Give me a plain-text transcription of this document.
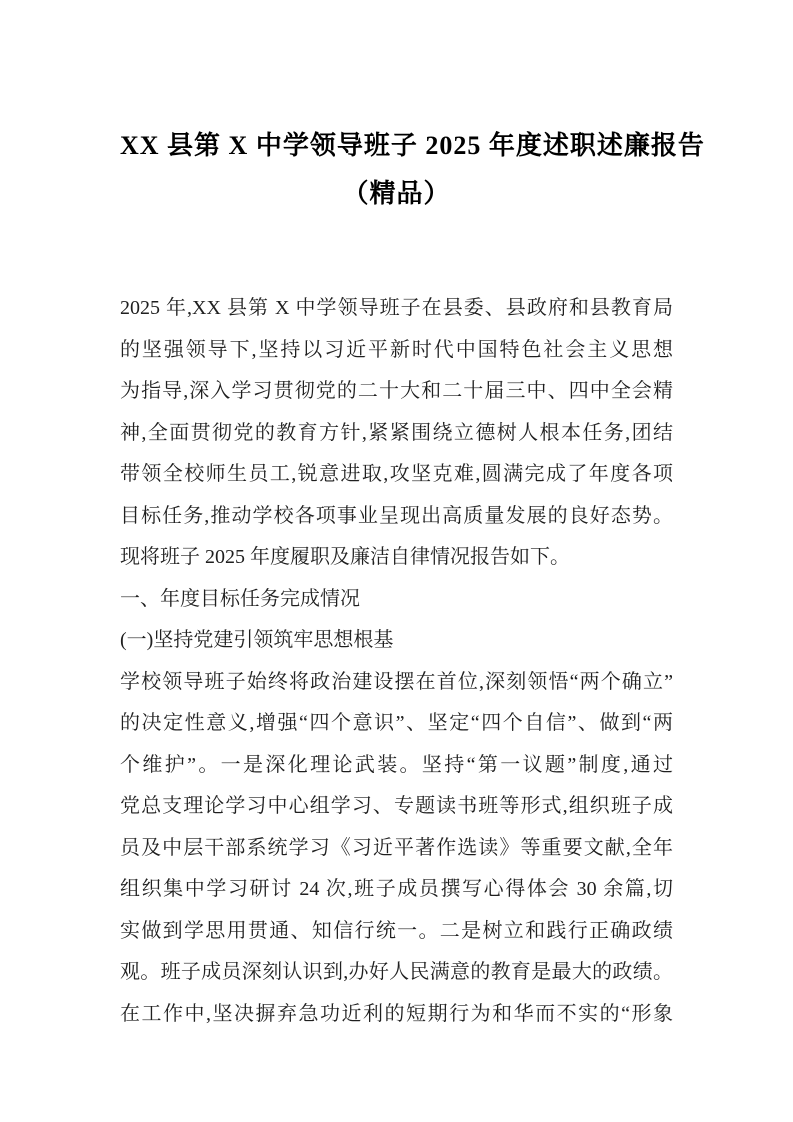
XX 县第 X 中学领导班子 2025 年度述职述廉报告
（精品）
2025 年,XX 县第 X 中学领导班子在县委、县政府和县教育局
的坚强领导下,坚持以习近平新时代中国特色社会主义思想
为指导,深入学习贯彻党的二十大和二十届三中、四中全会精
神,全面贯彻党的教育方针,紧紧围绕立德树人根本任务,团结
带领全校师生员工,锐意进取,攻坚克难,圆满完成了年度各项
目标任务,推动学校各项事业呈现出高质量发展的良好态势。
现将班子 2025 年度履职及廉洁自律情况报告如下。
一、年度目标任务完成情况
(一)坚持党建引领筑牢思想根基
学校领导班子始终将政治建设摆在首位,深刻领悟“两个确立”
的决定性意义,增强“四个意识”、坚定“四个自信”、做到“两
个维护”。一是深化理论武装。坚持“第一议题”制度,通过
党总支理论学习中心组学习、专题读书班等形式,组织班子成
员及中层干部系统学习《习近平著作选读》等重要文献,全年
组织集中学习研讨 24 次,班子成员撰写心得体会 30 余篇,切
实做到学思用贯通、知信行统一。二是树立和践行正确政绩
观。班子成员深刻认识到,办好人民满意的教育是最大的政绩。
在工作中,坚决摒弃急功近利的短期行为和华而不实的“形象
